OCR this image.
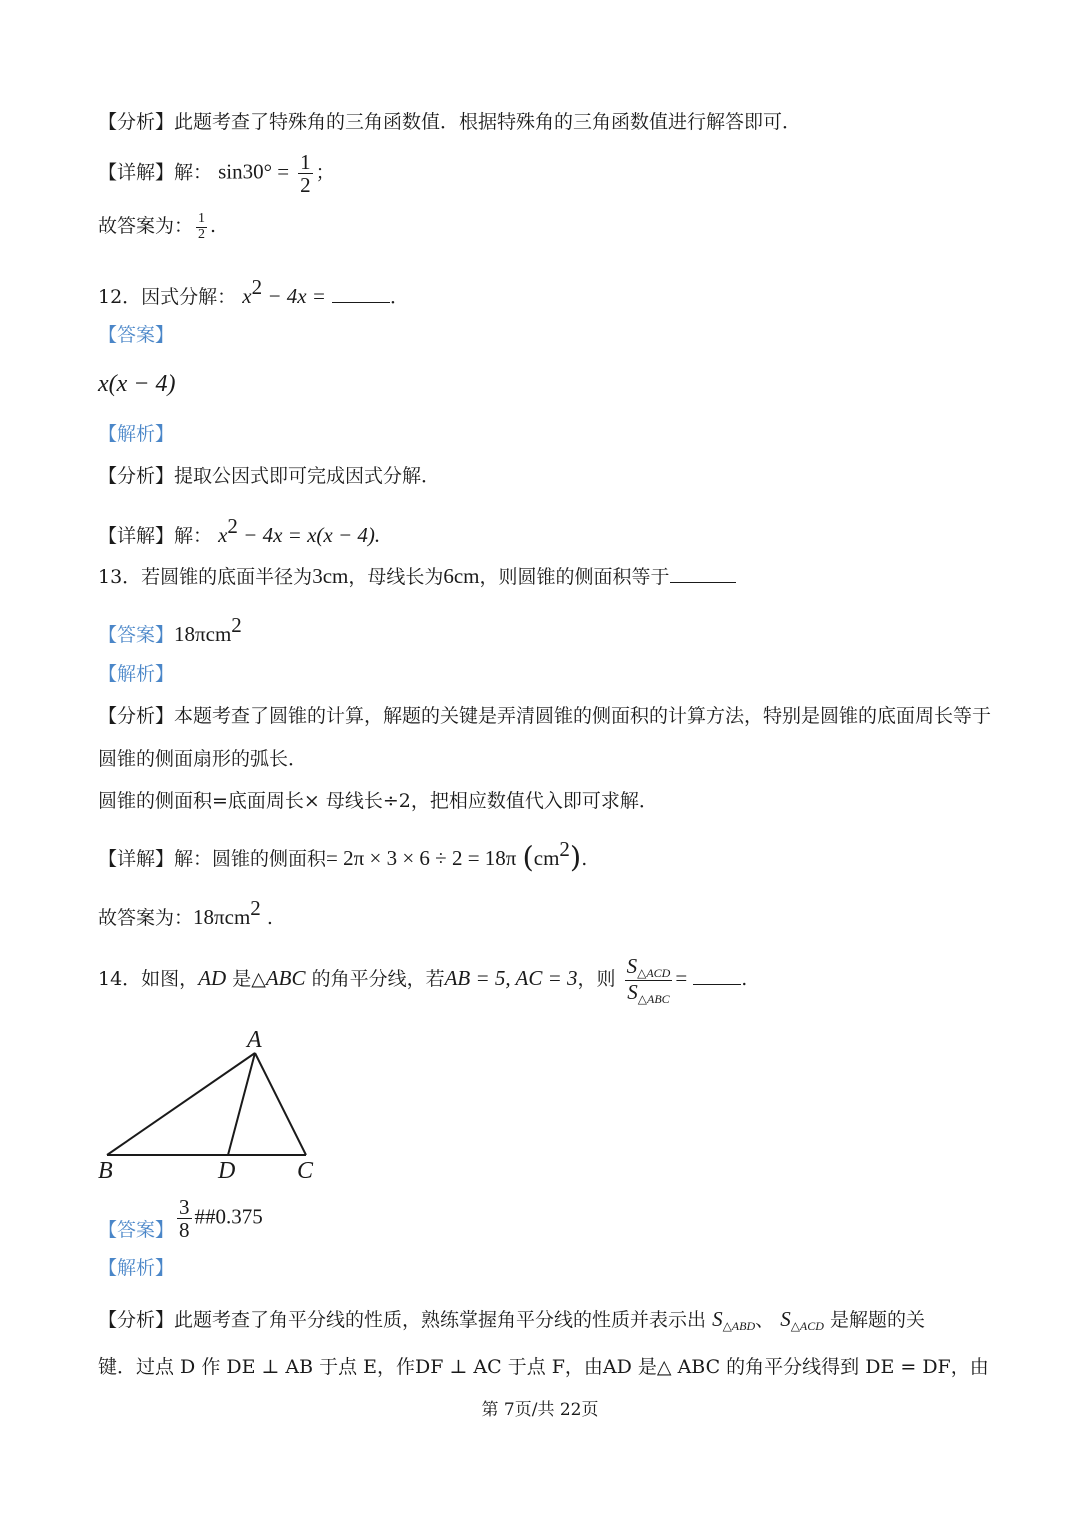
【分析】此题考查了特殊角的三角函数值．根据特殊角的三角函数值进行解答即可．
【详解】解： $\sin 30^\circ = \frac{1}{2}$ ；
故答案为： $\frac{1}{2}$ .
12．因式分解： $x^2 - 4x$ =	．
【答案】
x(x − 4)
【解析】
【分析】提取公因式即可完成因式分解．
【详解】解： $x^2 - 4x = x(x - 4)$.
13．若圆锥的底面半径为3cm，母线长为6cm，则圆锥的侧面积等于
【答案】18πcm$^2$
【解析】
【分析】本题考查了圆锥的计算，解题的关键是弄清圆锥的侧面积的计算方法，特别是圆锥的底面周长等于
圆锥的侧面扇形的弧长．
圆锥的侧面积=底面周长× 母线长÷2，把相应数值代入即可求解．
【详解】解：圆锥的侧面积= 2π × 3 × 6 ÷ 2 = 18π $(cm^2)$.
故答案为：18πcm$^2$ .
14．如图，AD 是△ABC 的角平分线，若AB = 5, AC = 3，则 $\frac{S_{\triangle ACD}}{S_{\triangle ABC}}$ =	.
A
B	D	C
【答案】 $\frac{3}{8}$ ##0.375
【解析】
【分析】此题考查了角平分线的性质，熟练掌握角平分线的性质并表示出 $S_{\triangle ABD}$、 $S_{\triangle ACD}$ 是解题的关
键．过点 D 作 DE ⊥ AB 于点 E，作DF ⊥ AC 于点 F，由AD 是△ ABC 的角平分线得到 DE = DF，由
第 7页/共 22页
